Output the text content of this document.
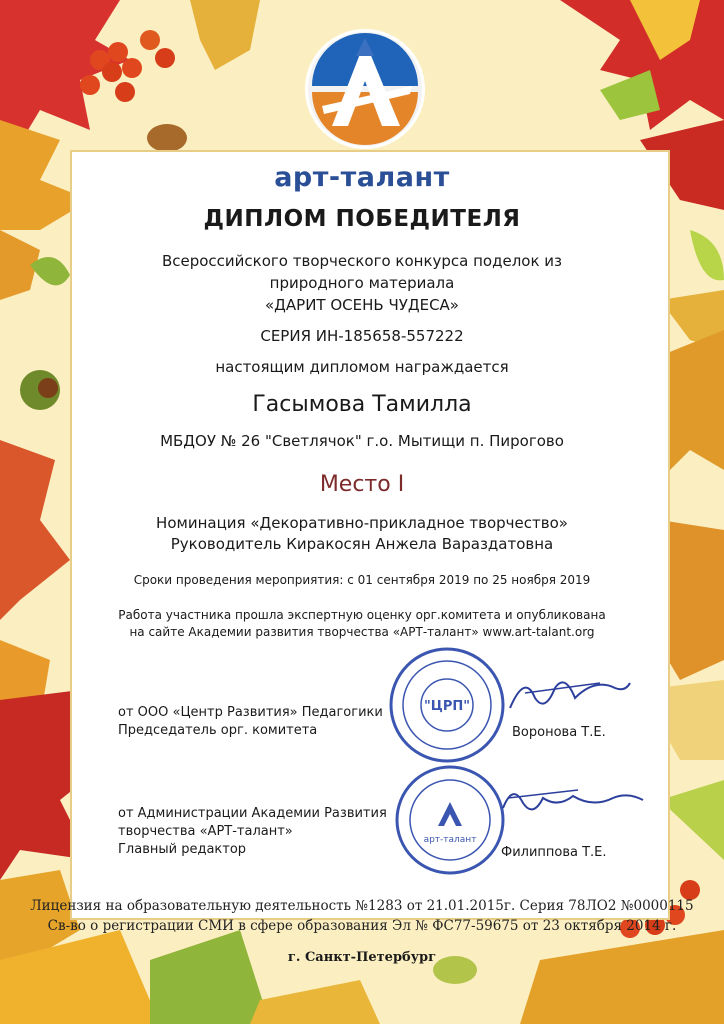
арт-талант

ДИПЛОМ ПОБЕДИТЕЛЯ

Всероссийского творческого конкурса поделок из

природного материала

«ДАРИТ ОСЕНЬ ЧУДЕСА»

СЕРИЯ ИН-185658-557222

настоящим дипломом награждается

Гасымова Тамилла

МБДОУ № 26 "Светлячок" г.о. Мытищи п. Пирогово

Место I

Номинация «Декоративно-прикладное творчество»

Руководитель Киракосян Анжела Вараздатовна

Сроки проведения мероприятия: с 01 сентября 2019 по 25 ноября 2019

Работа участника прошла экспертную оценку орг.комитета и опубликована

на сайте Академии развития творчества «АРТ-талант» www.art-talant.org

от ООО «Центр Развития» Педагогики

Председатель орг. комитета	Воронова Т.Е.

"ЦРП"

от Администрации Академии Развития

творчества «АРТ-талант»

Главный редактор	Филиппова Т.Е.

арт-талант

Лицензия на образовательную деятельность №1283 от 21.01.2015г. Серия 78ЛО2 №0000115

Св-во о регистрации СМИ в сфере образования Эл № ФС77-59675 от 23 октября 2014 г.

г. Санкт-Петербург
